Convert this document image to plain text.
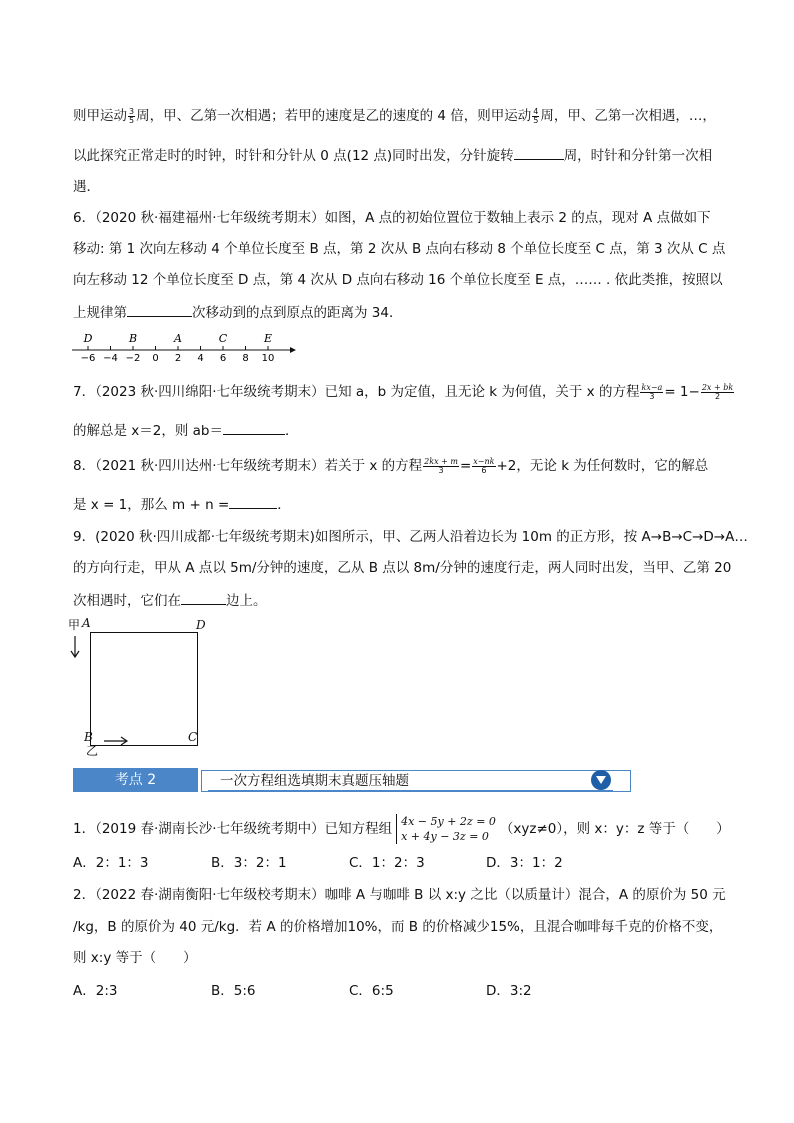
则甲运动 $\frac{3}{5}$ 周，甲、乙第一次相遇；若甲的速度是乙的速度的 4 倍，则甲运动 $\frac{4}{5}$ 周，甲、乙第一次相遇，…，
以此探究正常走时的时钟，时针和分针从 0 点(12 点)同时出发，分针旋转	周，时针和分针第一次相
遇．
6．（2020 秋·福建福州·七年级统考期末）如图，A 点的初始位置位于数轴上表示 2 的点，现对 A 点做如下
移动: 第 1 次向左移动 4 个单位长度至 B 点，第 2 次从 B 点向右移动 8 个单位长度至 C 点，第 3 次从 C 点
向左移动 12 个单位长度至 D 点，第 4 次从 D 点向右移动 16 个单位长度至 E 点，…… . 依此类推，按照以
上规律第	次移动到的点到原点的距离为 34．
−6 −4 −2 0 2 4 6 8 10
D	B	A	C	E
7．（2023 秋·四川绵阳·七年级统考期末）已知 a，b 为定值，且无论 k 为何值，关于 x 的方程 $\frac{kx-a}{3} = 1- \frac{2x + bk}{2}$
的解总是 x＝2，则 ab＝	．
8．（2021 秋·四川达州·七年级统考期末）若关于 x 的方程 $\frac{2kx + m}{3} = \frac{x-nk}{6} +2$，无论 k 为任何数时，它的解总
是 x = 1，那么 m + n =	．
9．(2020 秋·四川成都·七年级统考期末)如图所示，甲、乙两人沿着边长为 10m 的正方形，按 A→B→C→D→A…
的方向行走，甲从 A 点以 5m/分钟的速度，乙从 B 点以 8m/分钟的速度行走，两人同时出发，当甲、乙第 20
次相遇时，它们在	边上。
甲 A	D
B	C
乙
考点 2	一次方程组选填期末真题压轴题
1．（2019 春·湖南长沙·七年级统考期中）已知方程组 4x − 5y + 2z = 0
x + 4y − 3z = 0 （xyz≠0），则 x：y：z 等于（　　）
A．2：1：3	B．3：2：1	C．1：2：3	D．3：1：2
2．（2022 春·湖南衡阳·七年级校考期末）咖啡 A 与咖啡 B 以 x:y 之比（以质量计）混合，A 的原价为 50 元
/kg，B 的原价为 40 元/kg．若 A 的价格增加10%，而 B 的价格减少15%，且混合咖啡每千克的价格不变，
则 x:y 等于（　　）
A．2:3	B．5:6	C．6:5	D．3:2
